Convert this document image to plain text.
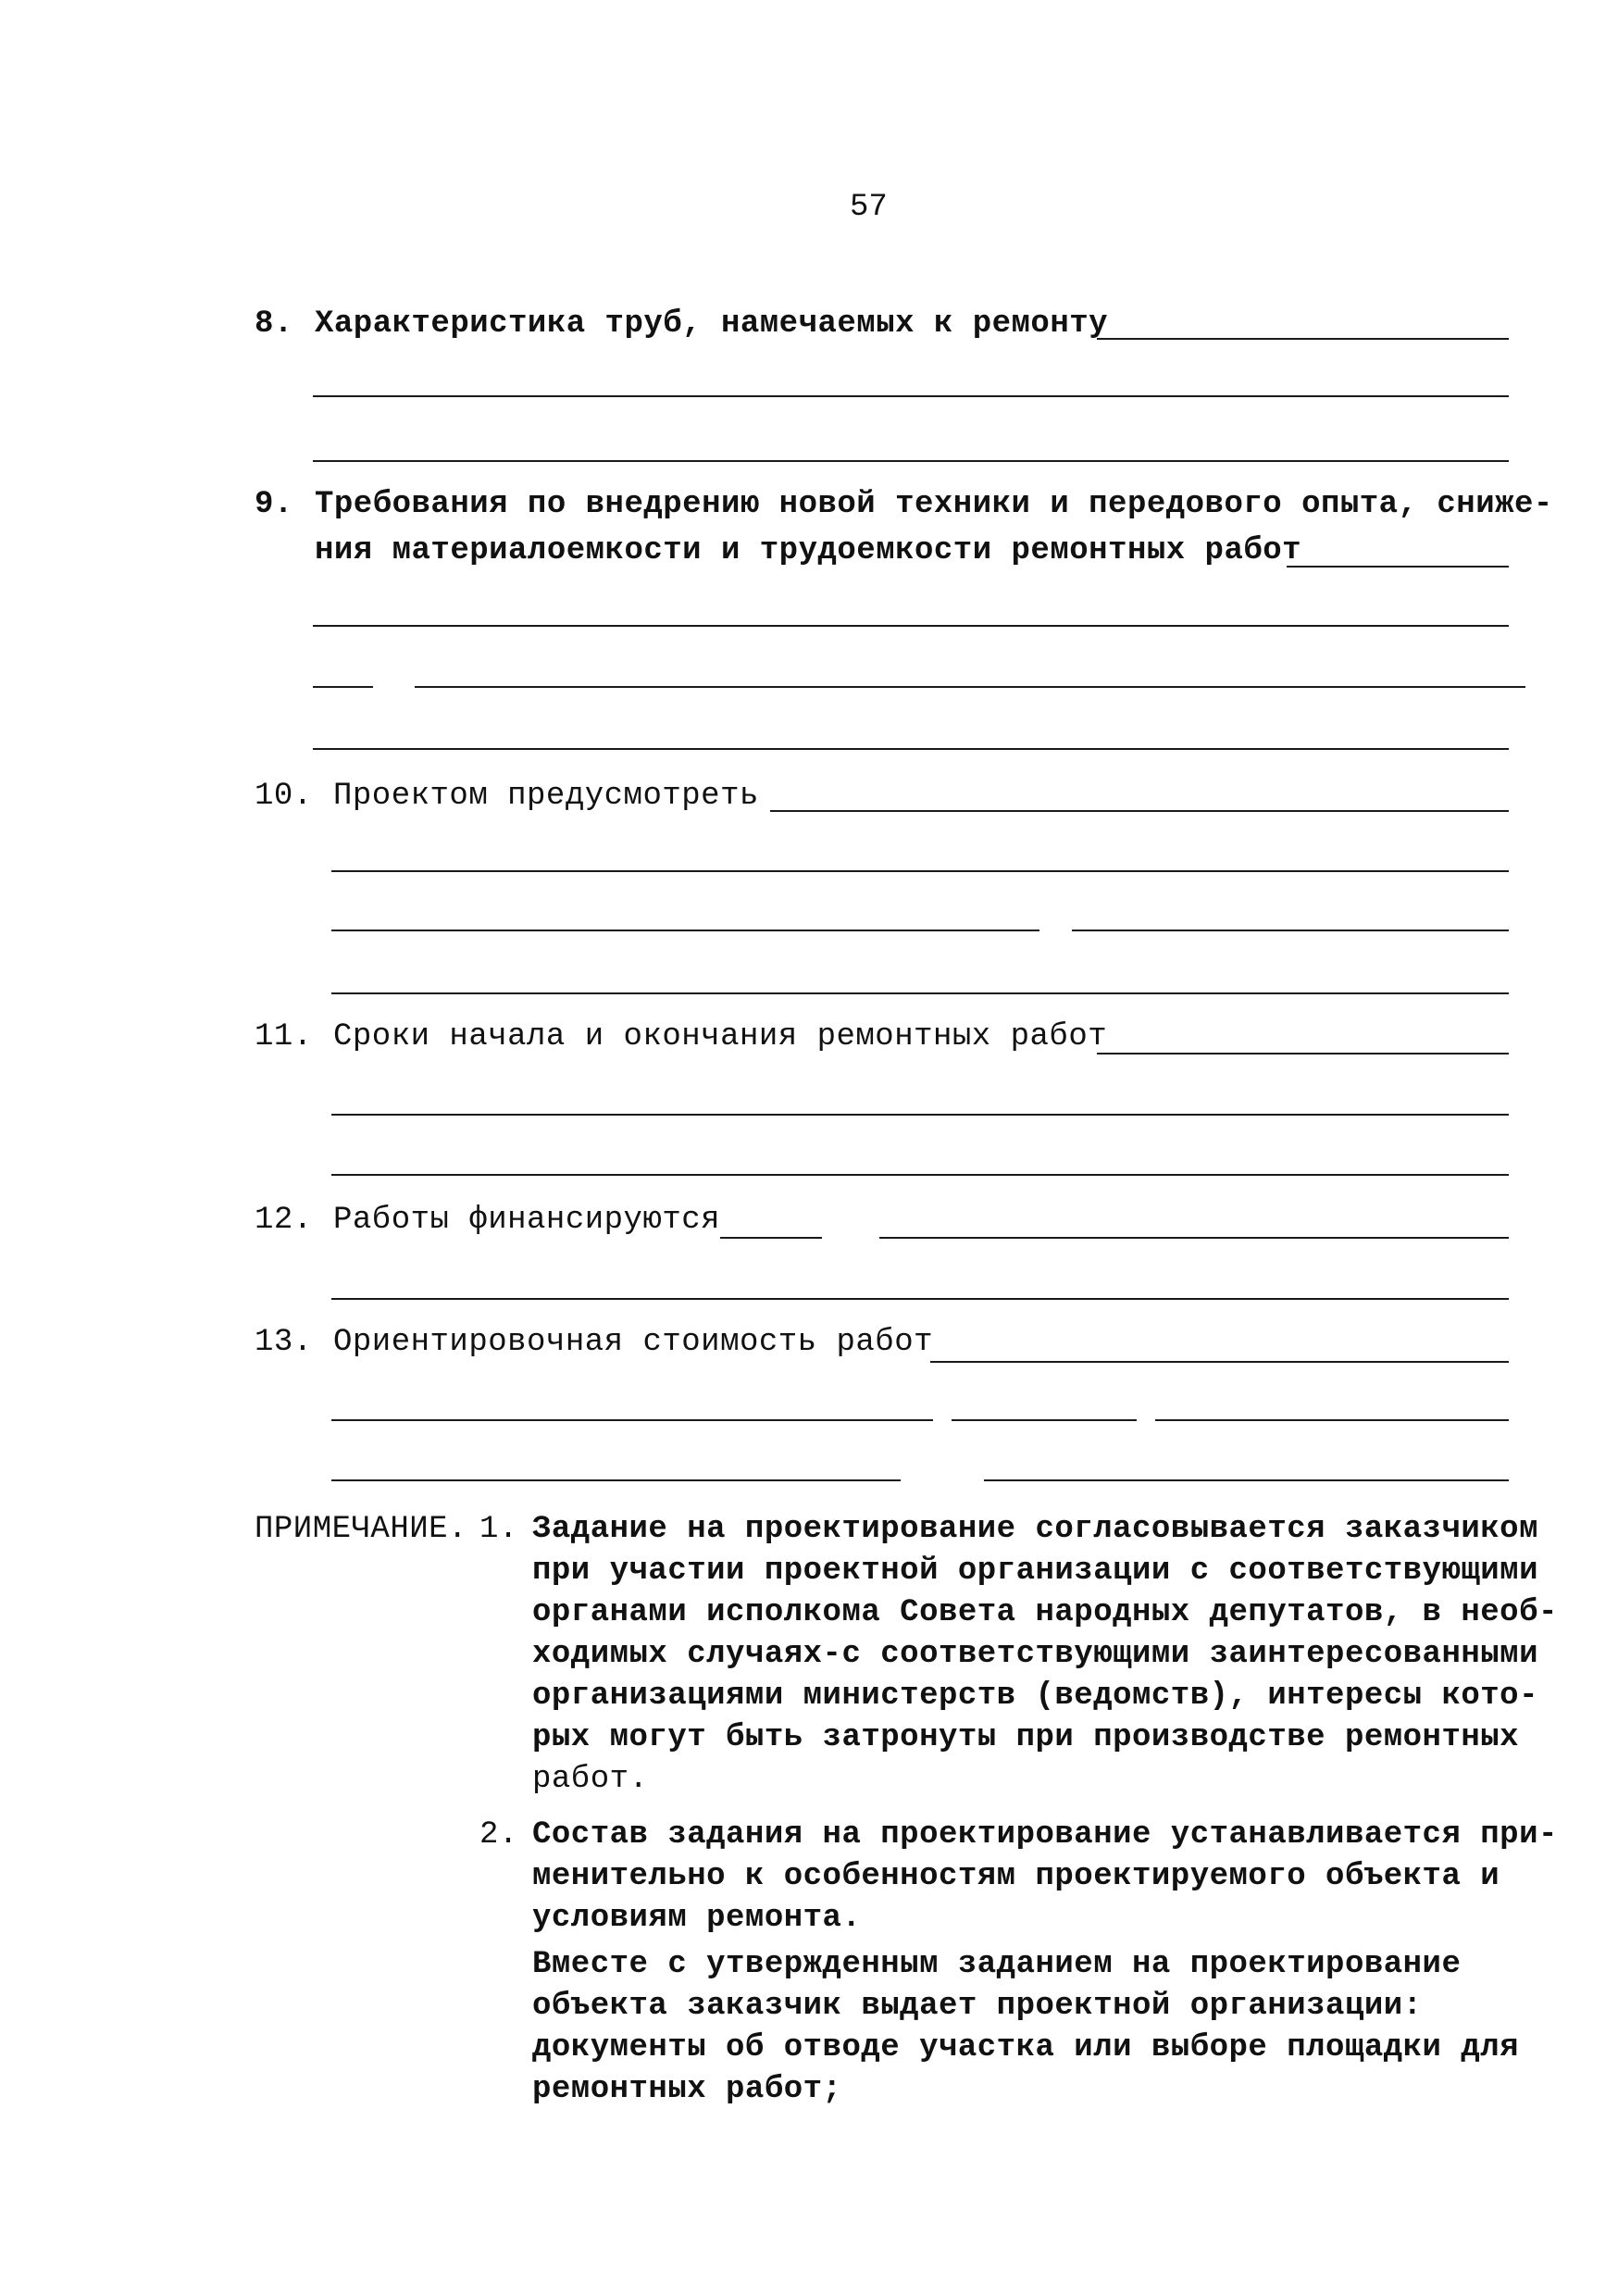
57
8. Характеристика труб, намечаемых к ремонту
9. Требования по внедрению новой техники и передового опыта, сниже-
ния материалоемкости и трудоемкости ремонтных работ
10. Проектом предусмотреть
11. Сроки начала и окончания ремонтных работ
12. Работы финансируются
13. Ориентировочная стоимость работ
ПРИМЕЧАНИЕ. 1. Задание на проектирование согласовывается заказчиком
при участии проектной организации с соответствующими
органами исполкома Совета народных депутатов, в необ-
ходимых случаях-с соответствующими заинтересованными
организациями министерств (ведомств), интересы кото-
рых могут быть затронуты при производстве ремонтных
работ.
2. Состав задания на проектирование устанавливается при-
менительно к особенностям проектируемого объекта и
условиям ремонта.
Вместе с утвержденным заданием на проектирование
объекта заказчик выдает проектной организации:
документы об отводе участка или выборе площадки для
ремонтных работ;
